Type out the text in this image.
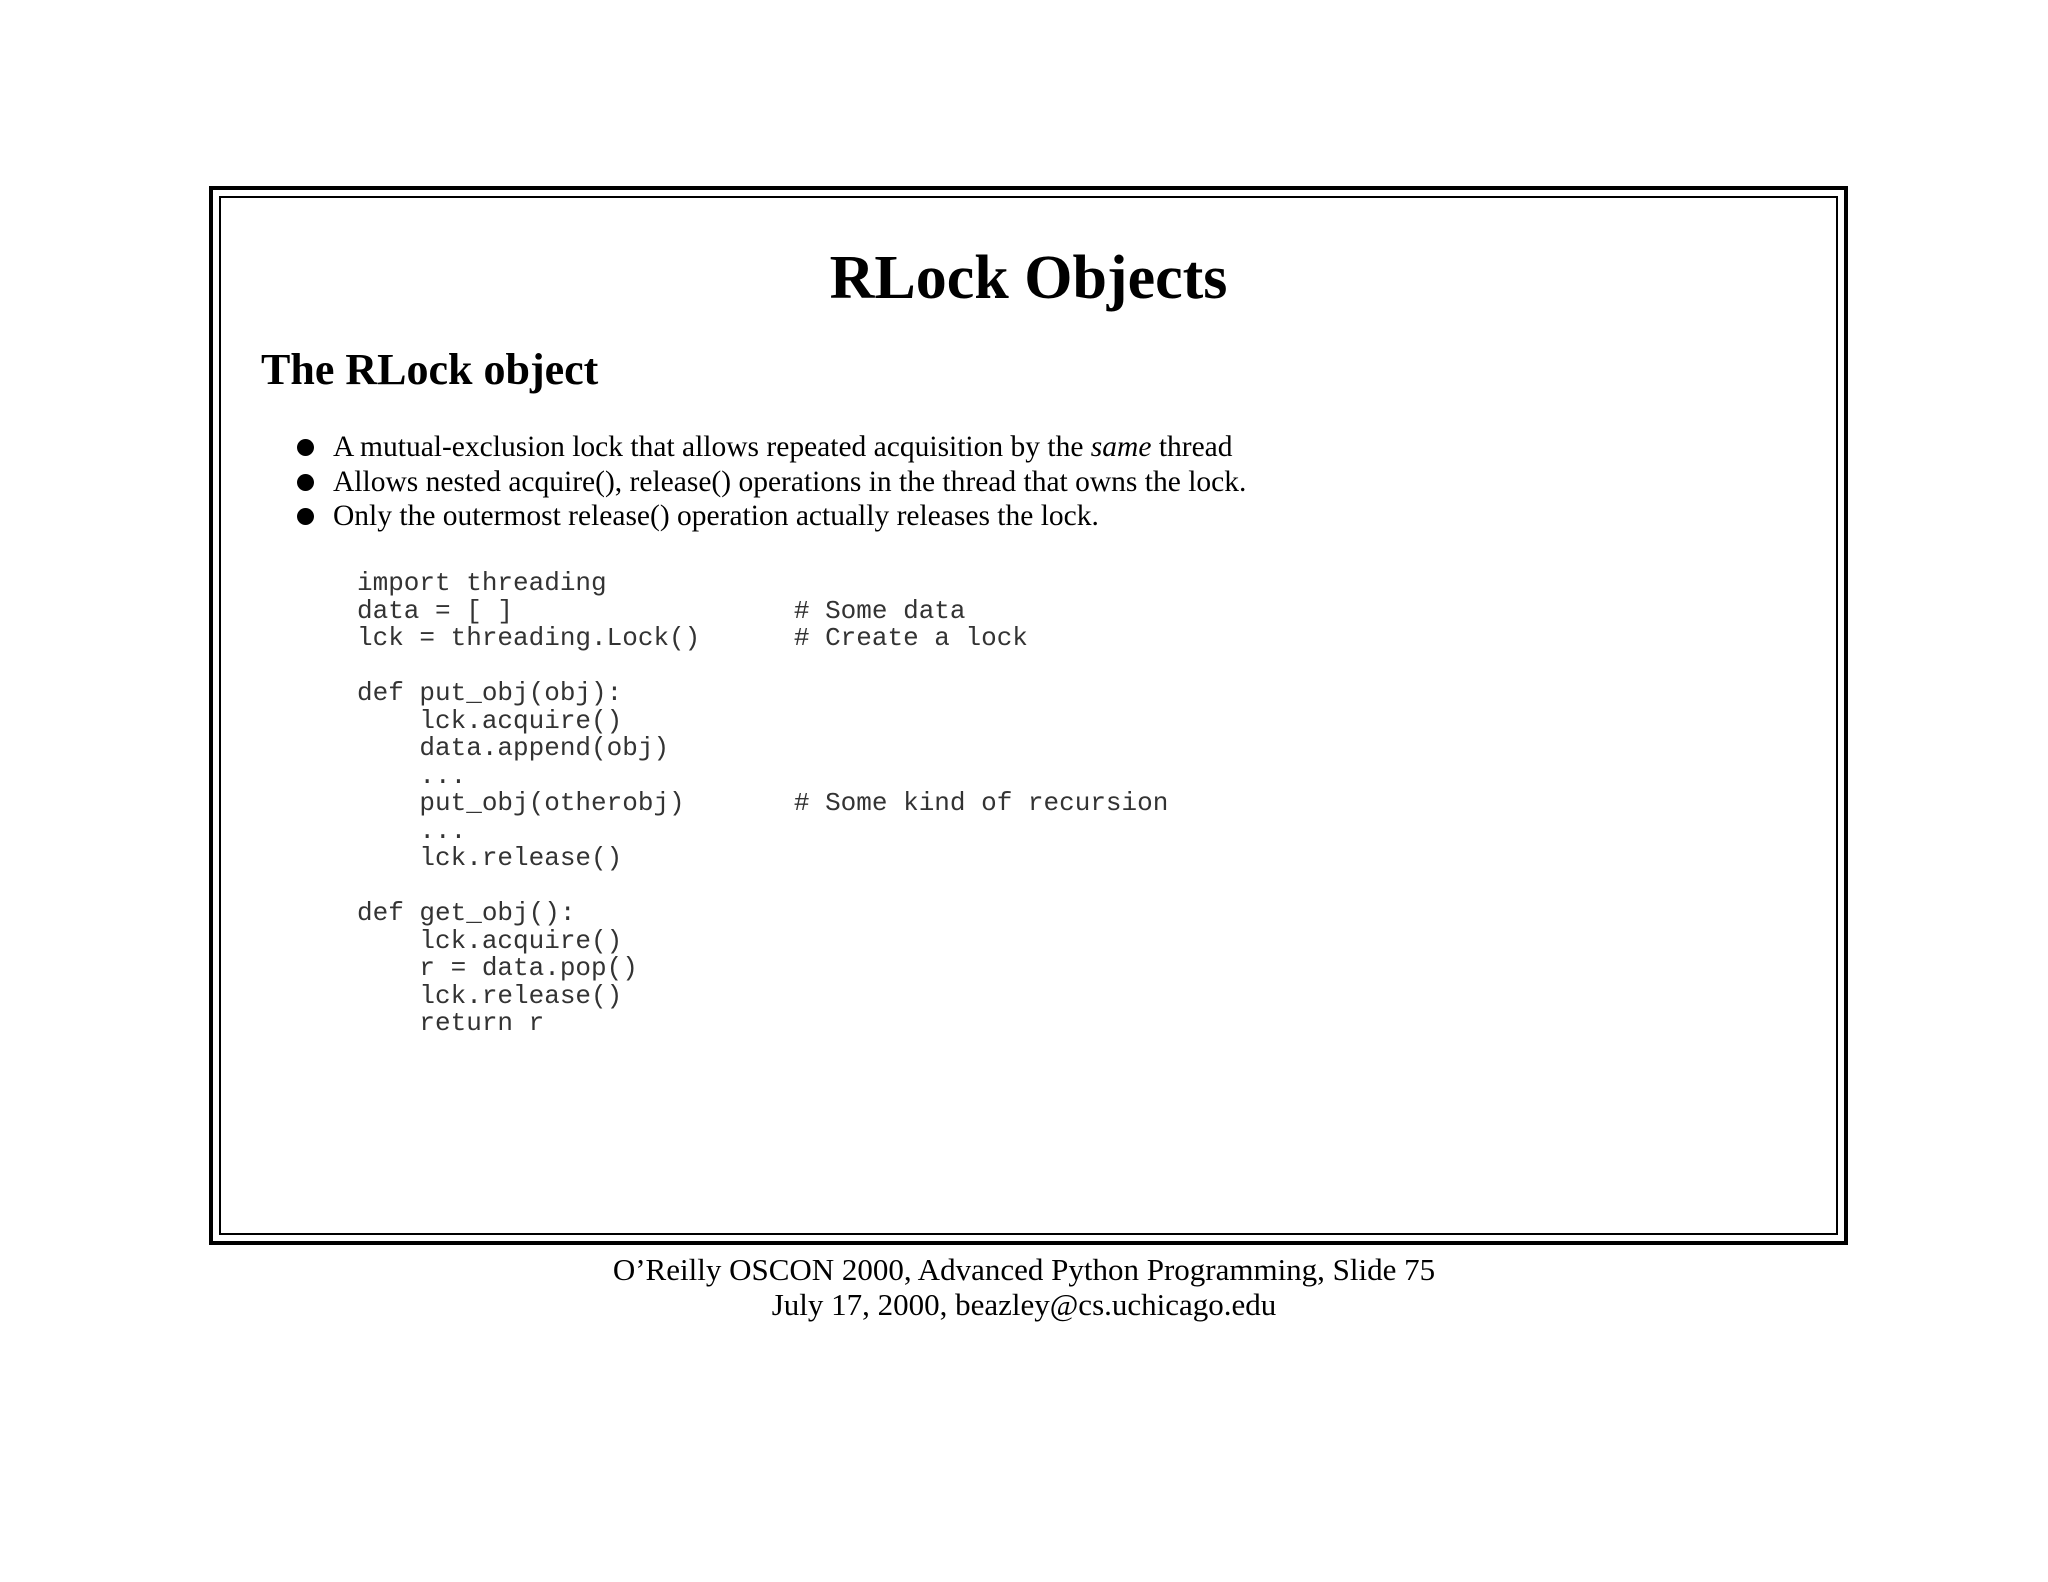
RLock Objects
The RLock object
A mutual-exclusion lock that allows repeated acquisition by the same thread
Allows nested acquire(), release() operations in the thread that owns the lock.
Only the outermost release() operation actually releases the lock.
import threading
data = [ ]                  # Some data
lck = threading.Lock()      # Create a lock
def put_obj(obj):
lck.acquire()
data.append(obj)
...
put_obj(otherobj)       # Some kind of recursion
...
lck.release()
def get_obj():
lck.acquire()
r = data.pop()
lck.release()
return r
O’Reilly OSCON 2000, Advanced Python Programming, Slide 75
July 17, 2000, beazley@cs.uchicago.edu
